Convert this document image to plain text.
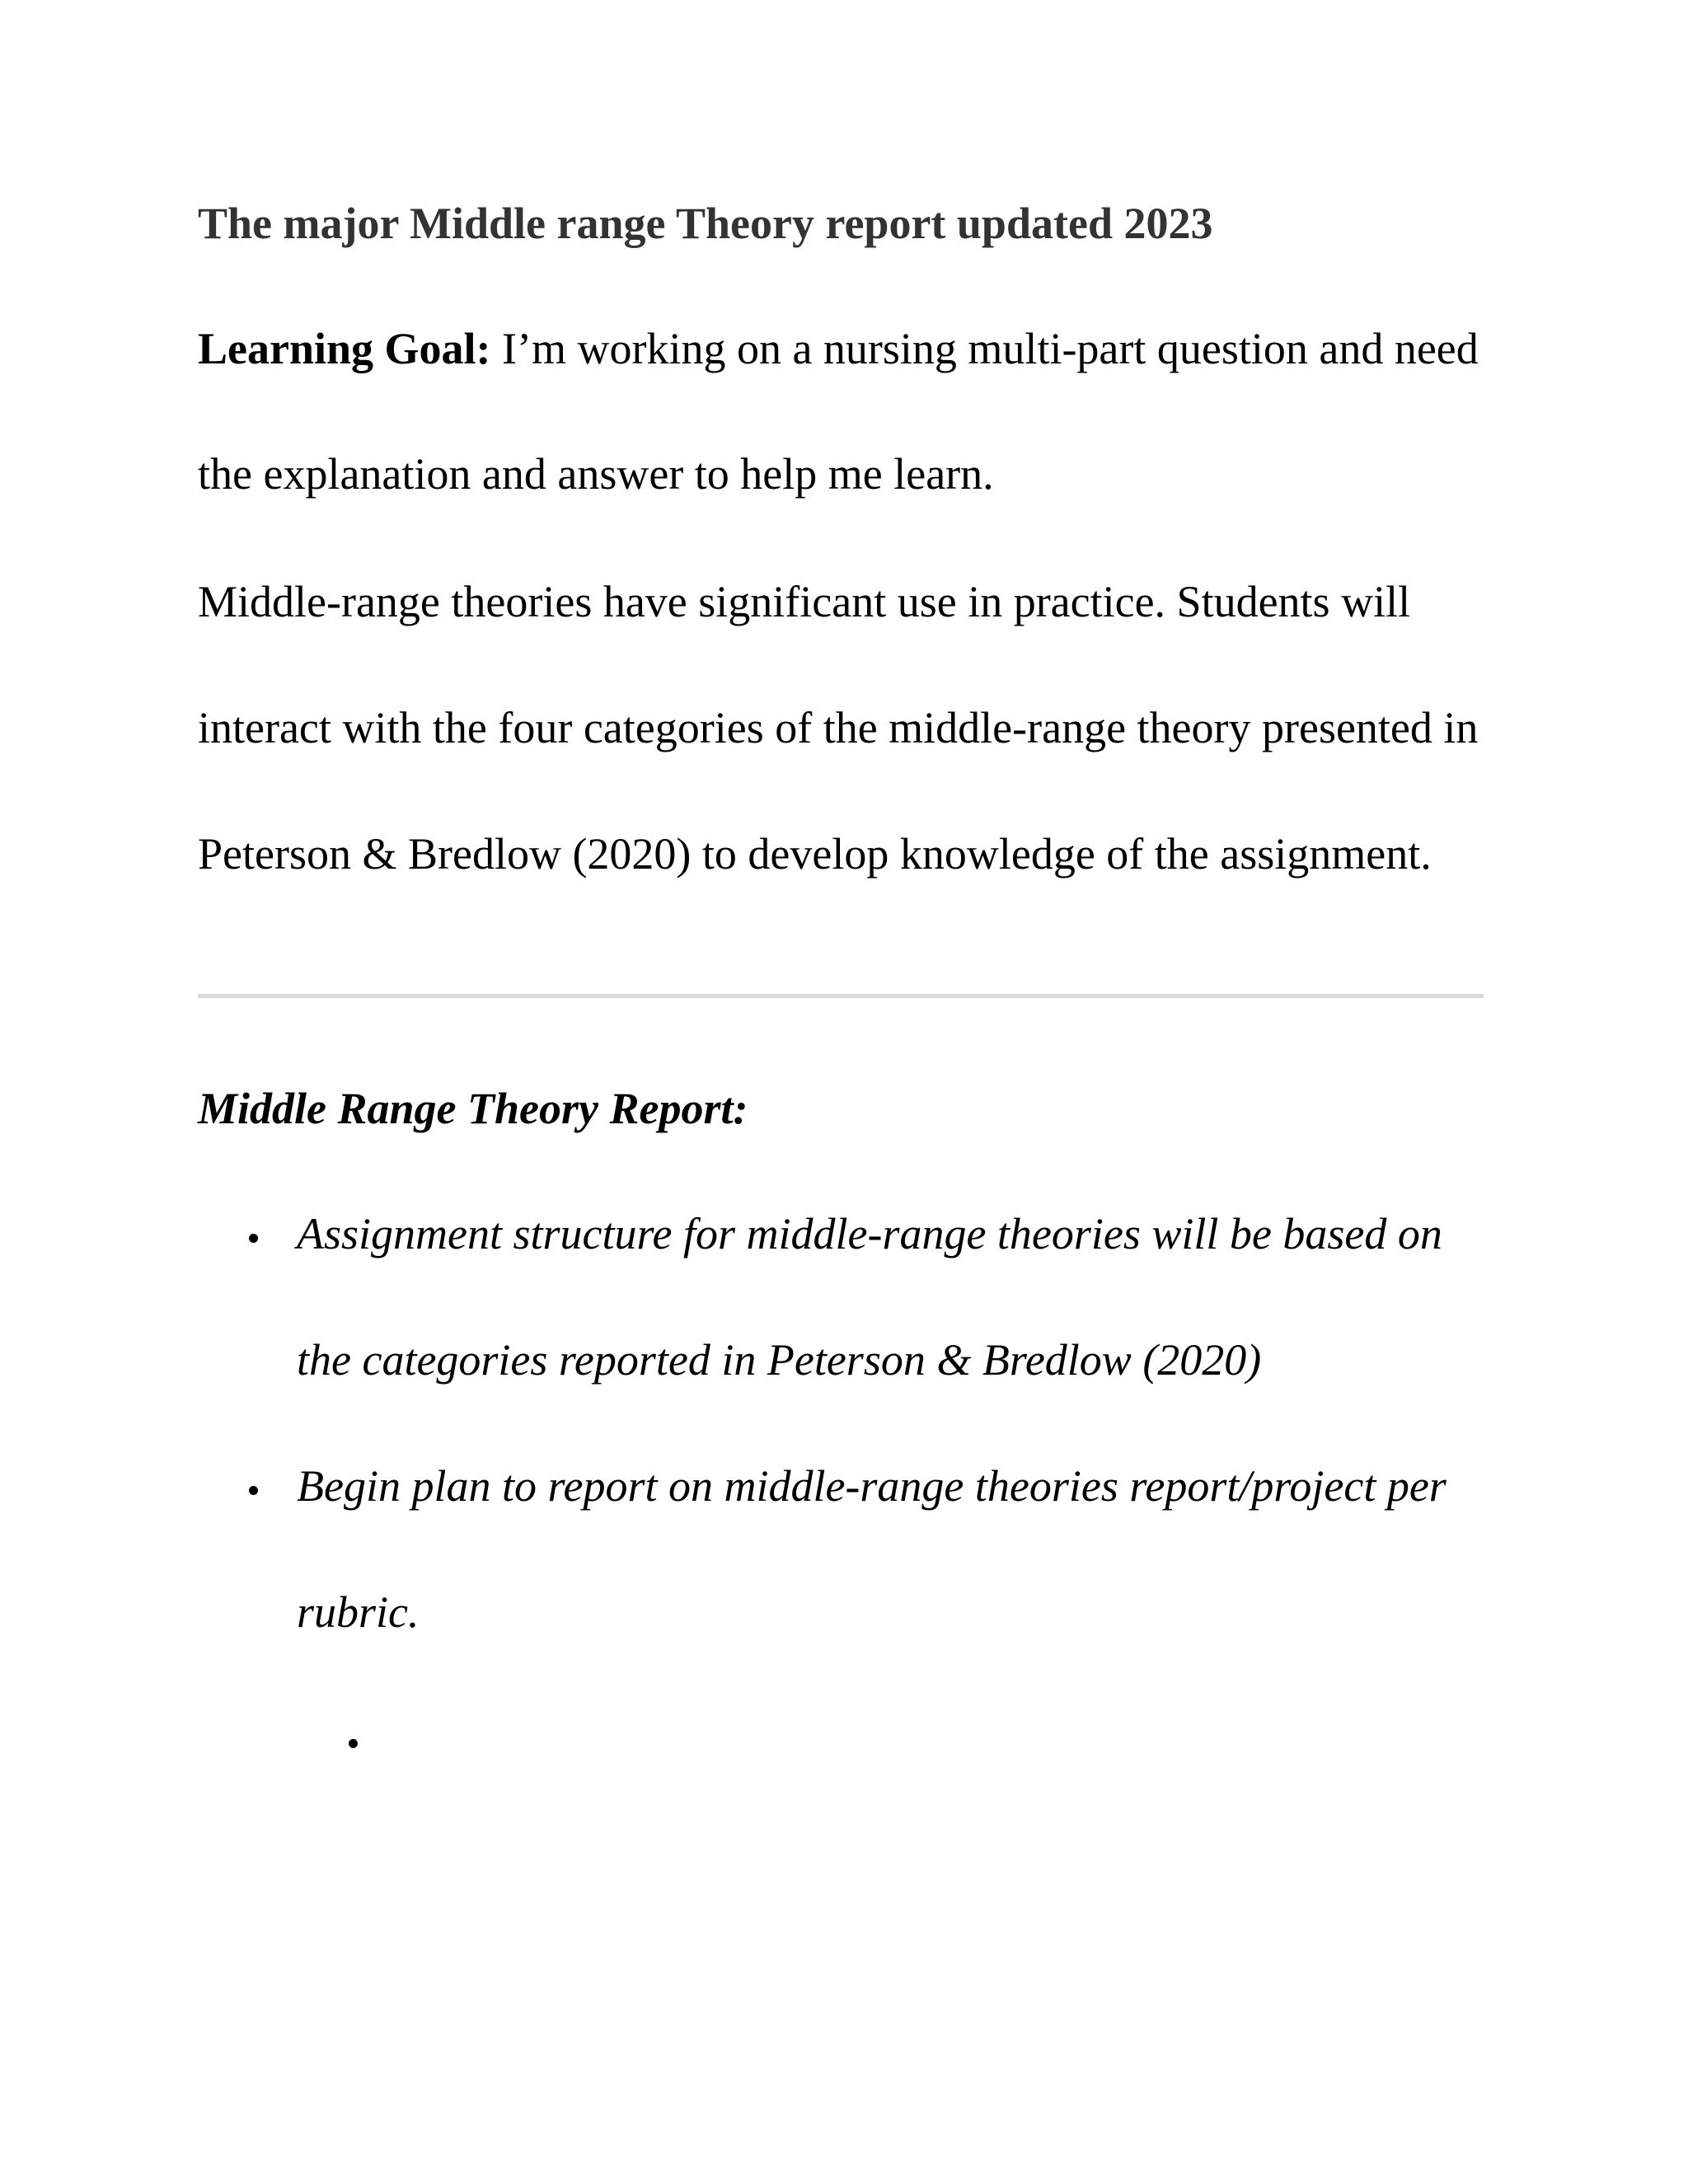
The major Middle range Theory report updated 2023
Learning Goal: I’m working on a nursing multi-part question and need
the explanation and answer to help me learn.
Middle-range theories have significant use in practice. Students will
interact with the four categories of the middle-range theory presented in
Peterson & Bredlow (2020) to develop knowledge of the assignment.
Middle Range Theory Report:
Assignment structure for middle-range theories will be based on
the categories reported in Peterson & Bredlow (2020)
Begin plan to report on middle-range theories report/project per
rubric.
